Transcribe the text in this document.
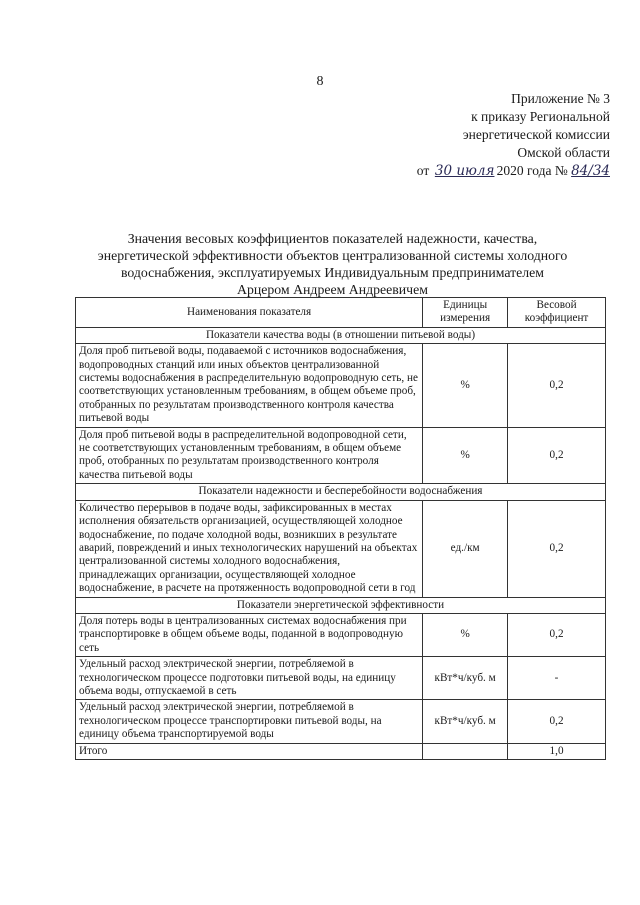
8
Приложение № 3
к приказу Региональной
энергетической комиссии
Омской области
от 30 июля 2020 года № 84/34
Значения весовых коэффициентов показателей надежности, качества,
энергетической эффективности объектов централизованной системы холодного
водоснабжения, эксплуатируемых Индивидуальным предпринимателем
Арцером Андреем Андреевичем
Наименования показателя	Единицы измерения	Весовой коэффициент
Показатели качества воды (в отношении питьевой воды)		
Доля проб питьевой воды, подаваемой с источников водоснабжения, водопроводных станций или иных объектов централизованной системы водоснабжения в распределительную водопроводную сеть, не соответствующих установленным требованиям, в общем объеме проб, отобранных по результатам производственного контроля качества питьевой воды	%	0,2
Доля проб питьевой воды в распределительной водопроводной сети, не соответствующих установленным требованиям, в общем объеме проб, отобранных по результатам производственного контроля качества питьевой воды	%	0,2
Показатели надежности и бесперебойности водоснабжения		
Количество перерывов в подаче воды, зафиксированных в местах исполнения обязательств организацией, осуществляющей холодное водоснабжение, по подаче холодной воды, возникших в результате аварий, повреждений и иных технологических нарушений на объектах централизованной системы холодного водоснабжения, принадлежащих организации, осуществляющей холодное водоснабжение, в расчете на протяженность водопроводной сети в год	ед./км	0,2
Показатели энергетической эффективности		
Доля потерь воды в централизованных системах водоснабжения при транспортировке в общем объеме воды, поданной в водопроводную сеть	%	0,2
Удельный расход электрической энергии, потребляемой в технологическом процессе подготовки питьевой воды, на единицу объема воды, отпускаемой в сеть	кВт*ч/куб. м	-
Удельный расход электрической энергии, потребляемой в технологическом процессе транспортировки питьевой воды, на единицу объема транспортируемой воды	кВт*ч/куб. м	0,2
Итого		1,0
